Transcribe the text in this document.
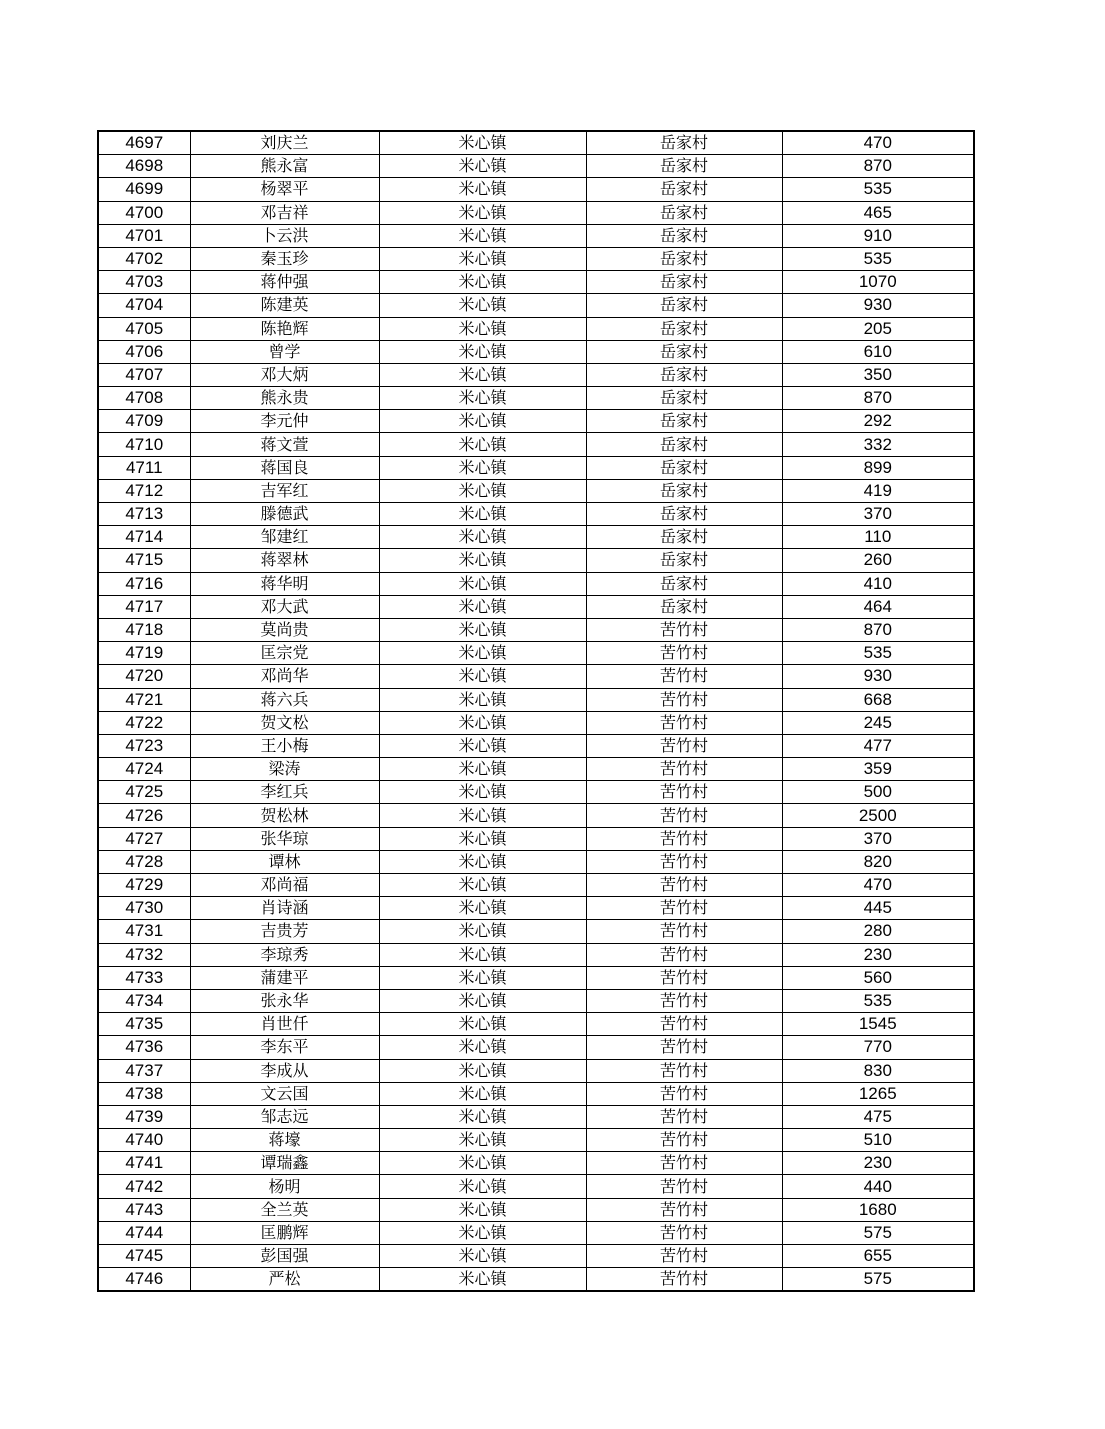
4697	刘庆兰	米心镇	岳家村	470
4698	熊永富	米心镇	岳家村	870
4699	杨翠平	米心镇	岳家村	535
4700	邓吉祥	米心镇	岳家村	465
4701	卜云洪	米心镇	岳家村	910
4702	秦玉珍	米心镇	岳家村	535
4703	蒋仲强	米心镇	岳家村	1070
4704	陈建英	米心镇	岳家村	930
4705	陈艳辉	米心镇	岳家村	205
4706	曾学	米心镇	岳家村	610
4707	邓大炳	米心镇	岳家村	350
4708	熊永贵	米心镇	岳家村	870
4709	李元仲	米心镇	岳家村	292
4710	蒋文萱	米心镇	岳家村	332
4711	蒋国良	米心镇	岳家村	899
4712	吉军红	米心镇	岳家村	419
4713	滕德武	米心镇	岳家村	370
4714	邹建红	米心镇	岳家村	110
4715	蒋翠林	米心镇	岳家村	260
4716	蒋华明	米心镇	岳家村	410
4717	邓大武	米心镇	岳家村	464
4718	莫尚贵	米心镇	苦竹村	870
4719	匡宗党	米心镇	苦竹村	535
4720	邓尚华	米心镇	苦竹村	930
4721	蒋六兵	米心镇	苦竹村	668
4722	贺文松	米心镇	苦竹村	245
4723	王小梅	米心镇	苦竹村	477
4724	梁涛	米心镇	苦竹村	359
4725	李红兵	米心镇	苦竹村	500
4726	贺松林	米心镇	苦竹村	2500
4727	张华琼	米心镇	苦竹村	370
4728	谭林	米心镇	苦竹村	820
4729	邓尚福	米心镇	苦竹村	470
4730	肖诗涵	米心镇	苦竹村	445
4731	吉贵芳	米心镇	苦竹村	280
4732	李琼秀	米心镇	苦竹村	230
4733	蒲建平	米心镇	苦竹村	560
4734	张永华	米心镇	苦竹村	535
4735	肖世仟	米心镇	苦竹村	1545
4736	李东平	米心镇	苦竹村	770
4737	李成从	米心镇	苦竹村	830
4738	文云国	米心镇	苦竹村	1265
4739	邹志远	米心镇	苦竹村	475
4740	蒋壕	米心镇	苦竹村	510
4741	谭瑞鑫	米心镇	苦竹村	230
4742	杨明	米心镇	苦竹村	440
4743	全兰英	米心镇	苦竹村	1680
4744	匡鹏辉	米心镇	苦竹村	575
4745	彭国强	米心镇	苦竹村	655
4746	严松	米心镇	苦竹村	575
